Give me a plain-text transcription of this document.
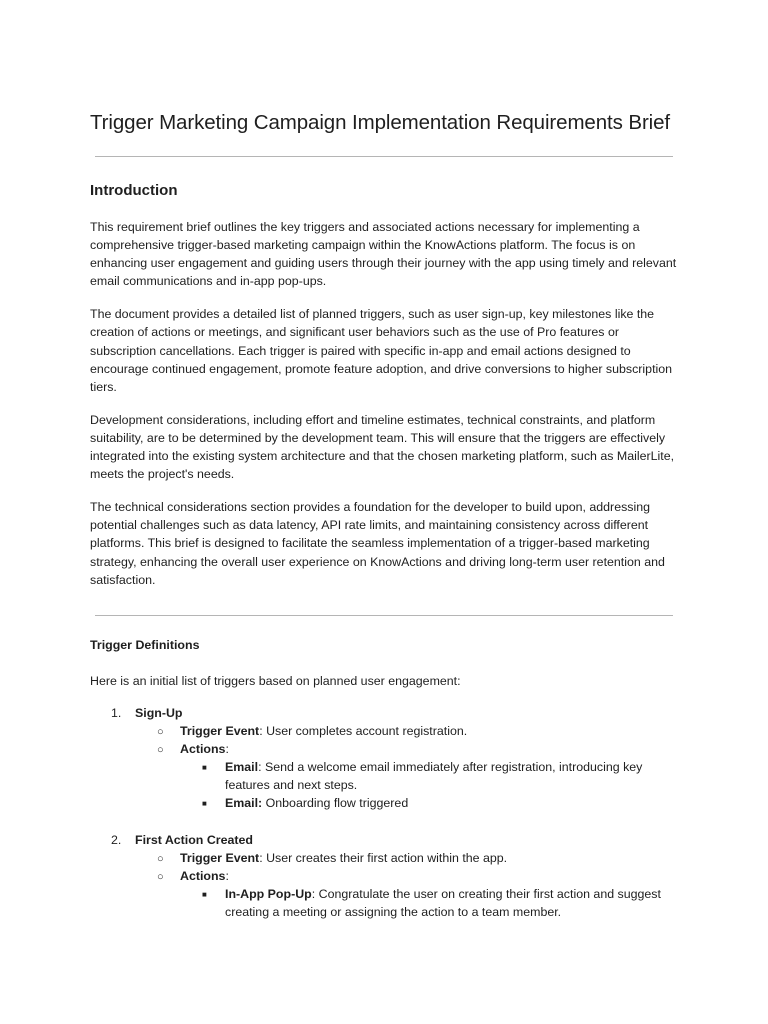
Trigger Marketing Campaign Implementation Requirements Brief
Introduction

This requirement brief outlines the key triggers and associated actions necessary for implementing a comprehensive trigger-based marketing campaign within the KnowActions platform. The focus is on enhancing user engagement and guiding users through their journey with the app using timely and relevant email communications and in-app pop-ups.

The document provides a detailed list of planned triggers, such as user sign-up, key milestones like the creation of actions or meetings, and significant user behaviors such as the use of Pro features or subscription cancellations. Each trigger is paired with specific in-app and email actions designed to encourage continued engagement, promote feature adoption, and drive conversions to higher subscription tiers.

Development considerations, including effort and timeline estimates, technical constraints, and platform suitability, are to be determined by the development team. This will ensure that the triggers are effectively integrated into the existing system architecture and that the chosen marketing platform, such as MailerLite, meets the project's needs.

The technical considerations section provides a foundation for the developer to build upon, addressing potential challenges such as data latency, API rate limits, and maintaining consistency across different platforms. This brief is designed to facilitate the seamless implementation of a trigger-based marketing strategy, enhancing the overall user experience on KnowActions and driving long-term user retention and satisfaction.

Trigger Definitions

Here is an initial list of triggers based on planned user engagement:

1. Sign-Up
○ Trigger Event: User completes account registration.
○ Actions:
■ Email: Send a welcome email immediately after registration, introducing key features and next steps.
■ Email: Onboarding flow triggered
2. First Action Created
○ Trigger Event: User creates their first action within the app.
○ Actions:
■ In-App Pop-Up: Congratulate the user on creating their first action and suggest creating a meeting or assigning the action to a team member.
